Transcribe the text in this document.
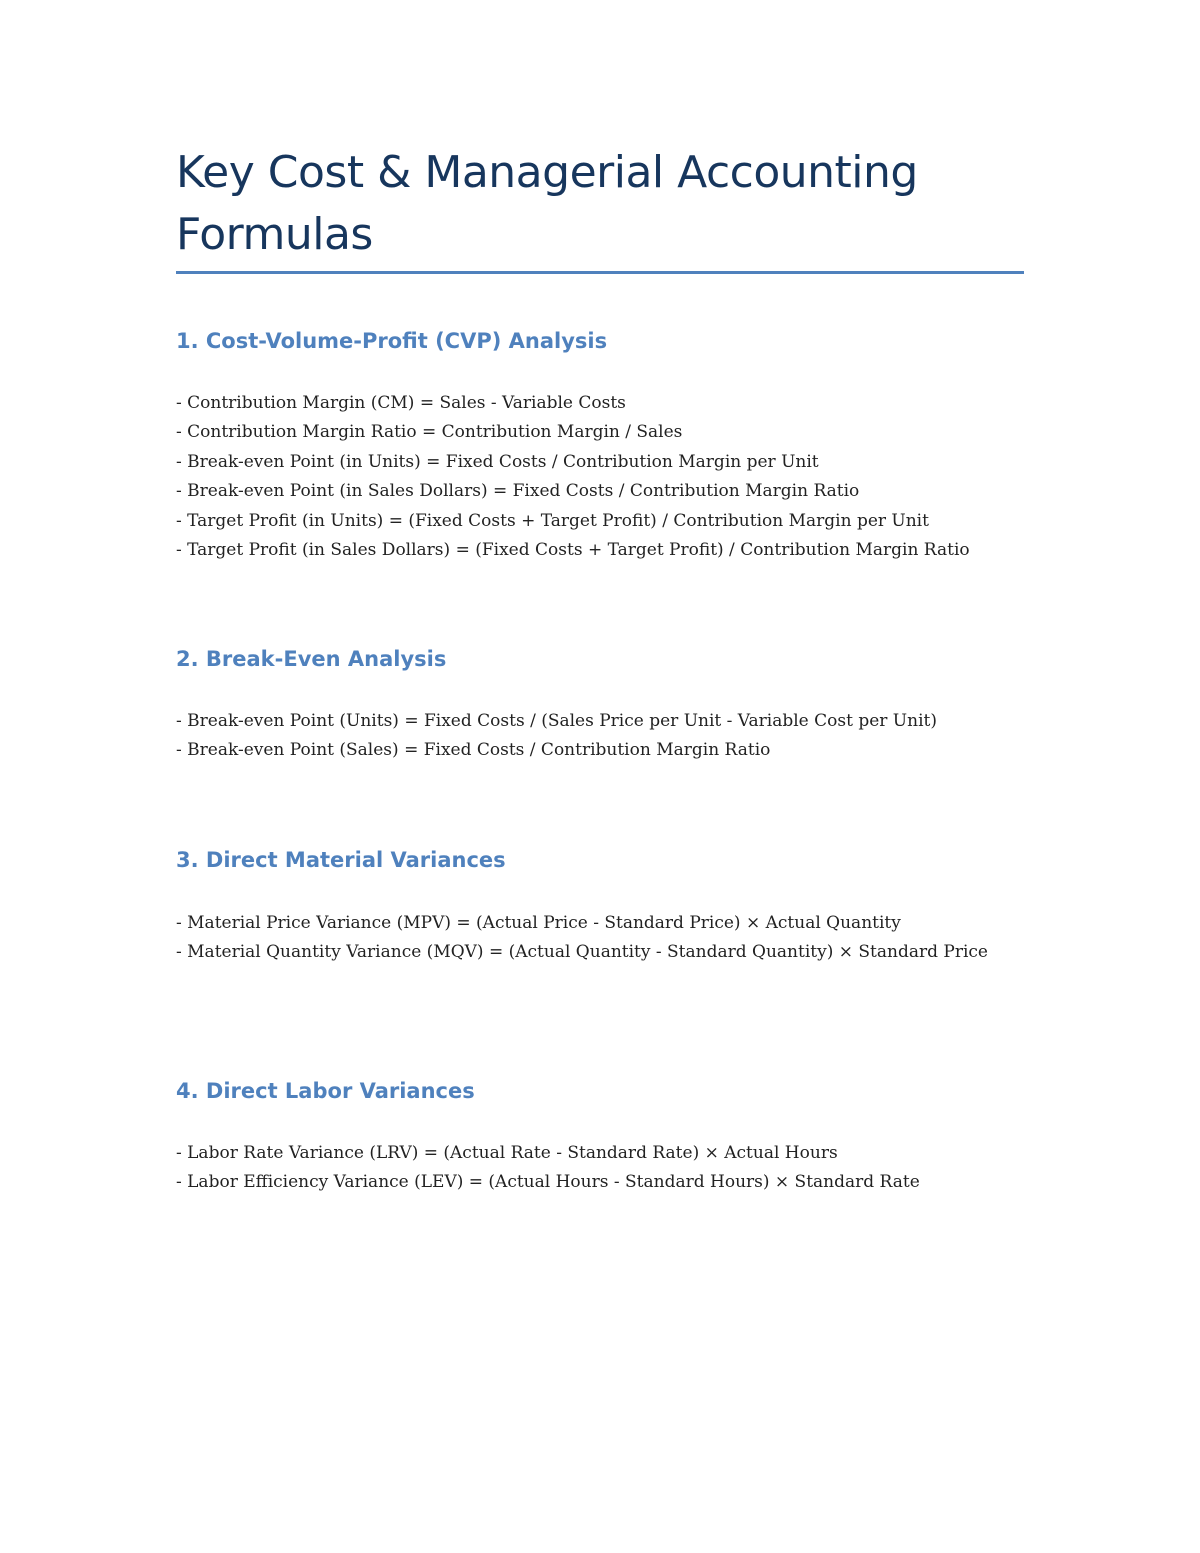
Key Cost & Managerial Accounting Formulas
1. Cost-Volume-Profit (CVP) Analysis
- Contribution Margin (CM) = Sales - Variable Costs
- Contribution Margin Ratio = Contribution Margin / Sales
- Break-even Point (in Units) = Fixed Costs / Contribution Margin per Unit
- Break-even Point (in Sales Dollars) = Fixed Costs / Contribution Margin Ratio
- Target Profit (in Units) = (Fixed Costs + Target Profit) / Contribution Margin per Unit
- Target Profit (in Sales Dollars) = (Fixed Costs + Target Profit) / Contribution Margin Ratio
2. Break-Even Analysis
- Break-even Point (Units) = Fixed Costs / (Sales Price per Unit - Variable Cost per Unit)
- Break-even Point (Sales) = Fixed Costs / Contribution Margin Ratio
3. Direct Material Variances
- Material Price Variance (MPV) = (Actual Price - Standard Price) × Actual Quantity
- Material Quantity Variance (MQV) = (Actual Quantity - Standard Quantity) × Standard Price
4. Direct Labor Variances
- Labor Rate Variance (LRV) = (Actual Rate - Standard Rate) × Actual Hours
- Labor Efficiency Variance (LEV) = (Actual Hours - Standard Hours) × Standard Rate
